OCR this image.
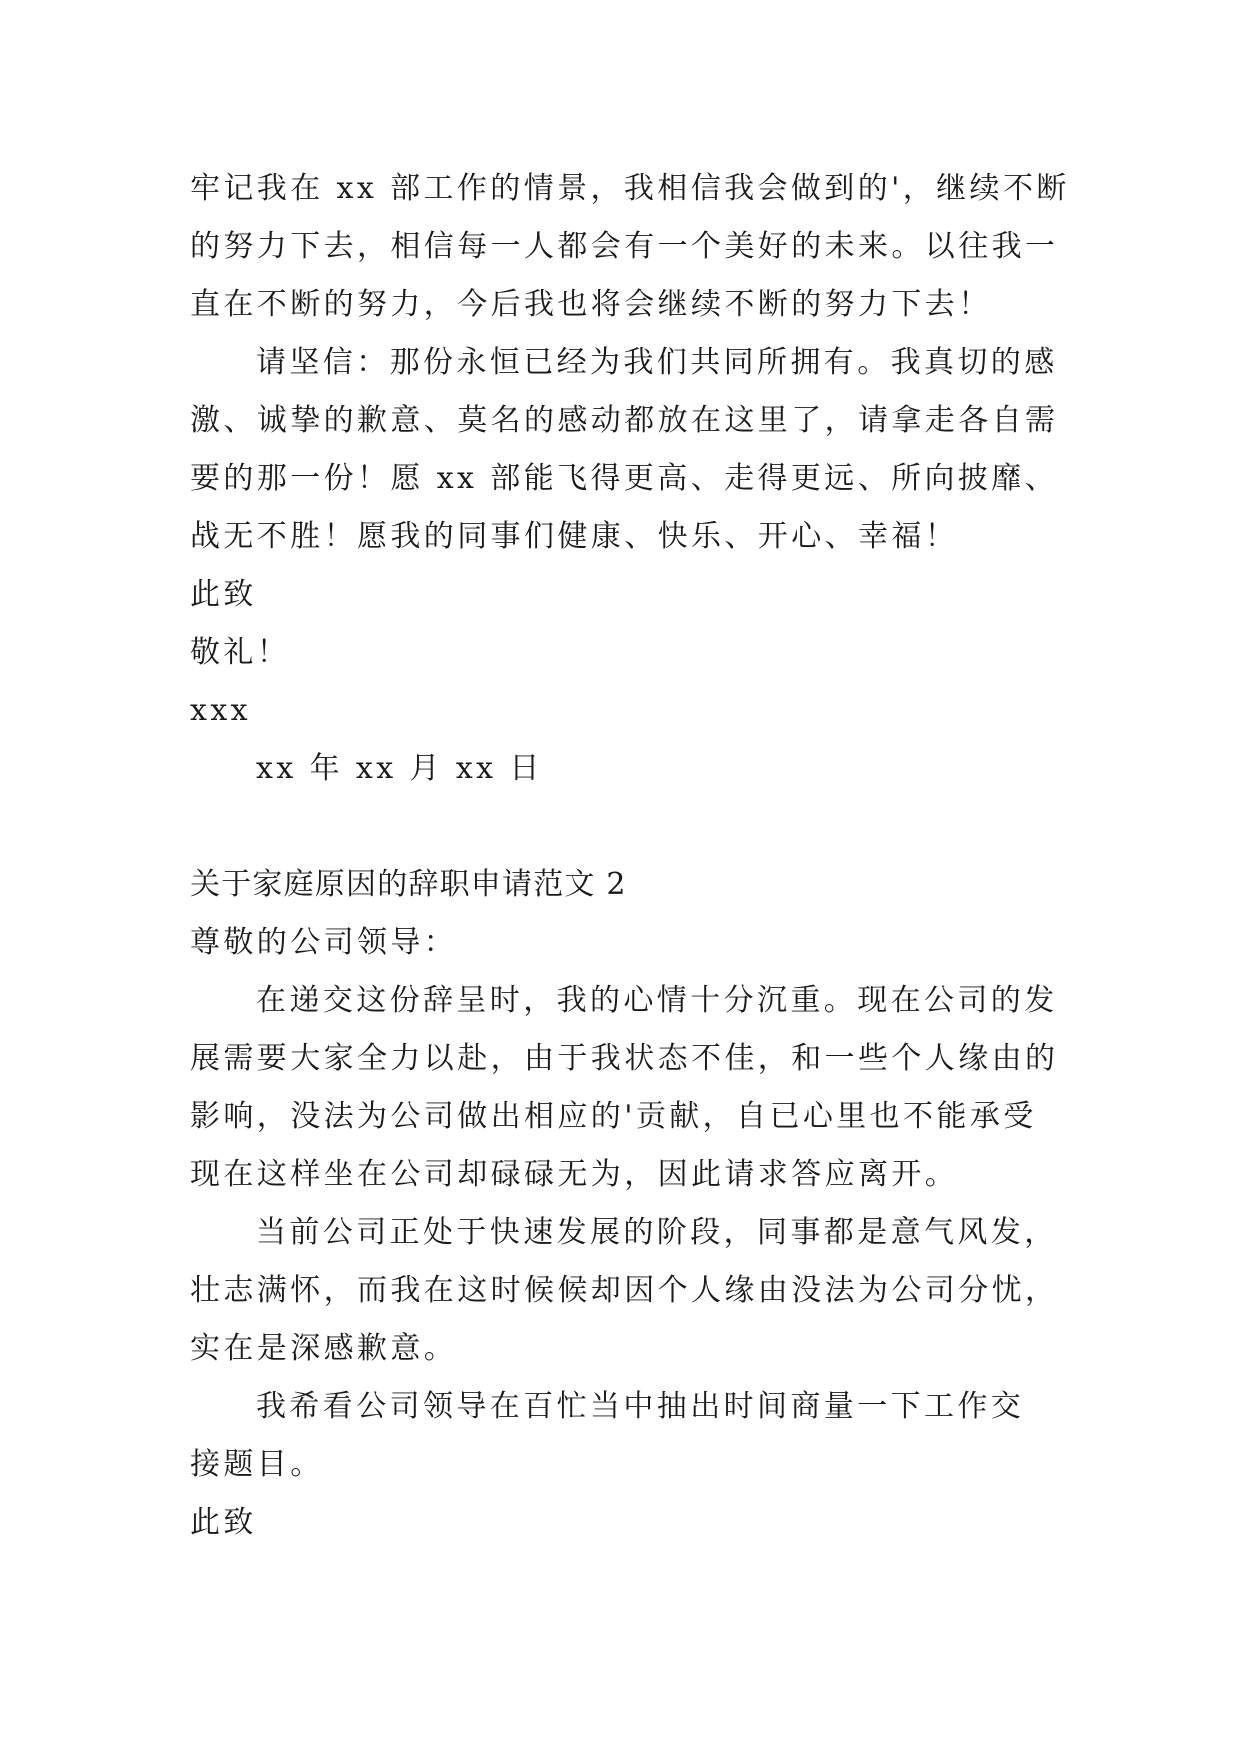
牢记我在 xx 部工作的情景，我相信我会做到的'，继续不断
的努力下去，相信每一人都会有一个美好的未来。以往我一
直在不断的努力，今后我也将会继续不断的努力下去！
请坚信：那份永恒已经为我们共同所拥有。我真切的感
激、诚挚的歉意、莫名的感动都放在这里了，请拿走各自需
要的那一份！愿 xx 部能飞得更高、走得更远、所向披靡、
战无不胜！愿我的同事们健康、快乐、开心、幸福！
此致
敬礼！
xxx
xx 年 xx 月 xx 日
关于家庭原因的辞职申请范文 2
尊敬的公司领导：
在递交这份辞呈时，我的心情十分沉重。现在公司的发
展需要大家全力以赴，由于我状态不佳，和一些个人缘由的
影响，没法为公司做出相应的'贡献，自已心里也不能承受
现在这样坐在公司却碌碌无为，因此请求答应离开。
当前公司正处于快速发展的阶段，同事都是意气风发，
壮志满怀，而我在这时候候却因个人缘由没法为公司分忧，
实在是深感歉意。
我希看公司领导在百忙当中抽出时间商量一下工作交
接题目。
此致
